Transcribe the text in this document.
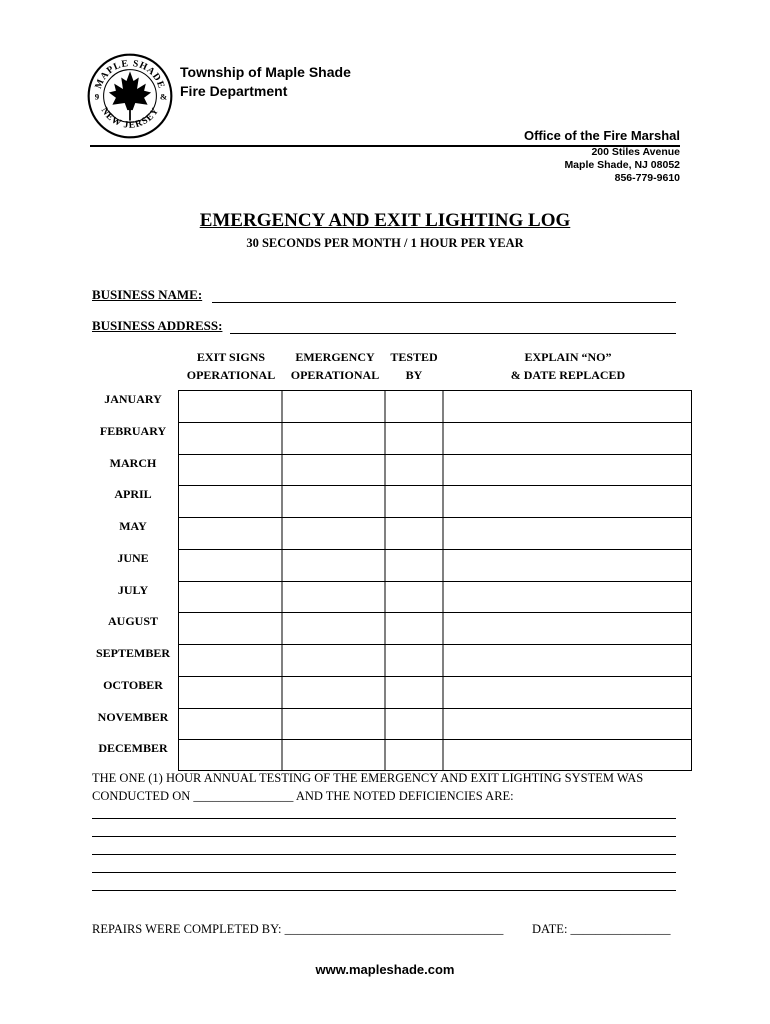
MAPLE SHADE
NEW JERSEY
9	&
Township of Maple Shade
Fire Department
Office of the Fire Marshal
200 Stiles Avenue
Maple Shade, NJ 08052
856-779-9610
EMERGENCY AND EXIT LIGHTING LOG
30 SECONDS PER MONTH / 1 HOUR PER YEAR
BUSINESS NAME:
BUSINESS ADDRESS:
EXIT SIGNS
OPERATIONAL
EMERGENCY
OPERATIONAL
TESTED
BY
EXPLAIN “NO”
& DATE REPLACED
JANUARY
FEBRUARY
MARCH
APRIL
MAY
JUNE
JULY
AUGUST
SEPTEMBER
OCTOBER
NOVEMBER
DECEMBER
THE ONE (1) HOUR ANNUAL TESTING OF THE EMERGENCY AND EXIT LIGHTING SYSTEM WAS
CONDUCTED ON ________________ AND THE NOTED DEFICIENCIES ARE:
REPAIRS WERE COMPLETED BY: ___________________________________ DATE: ________________
www.mapleshade.com
